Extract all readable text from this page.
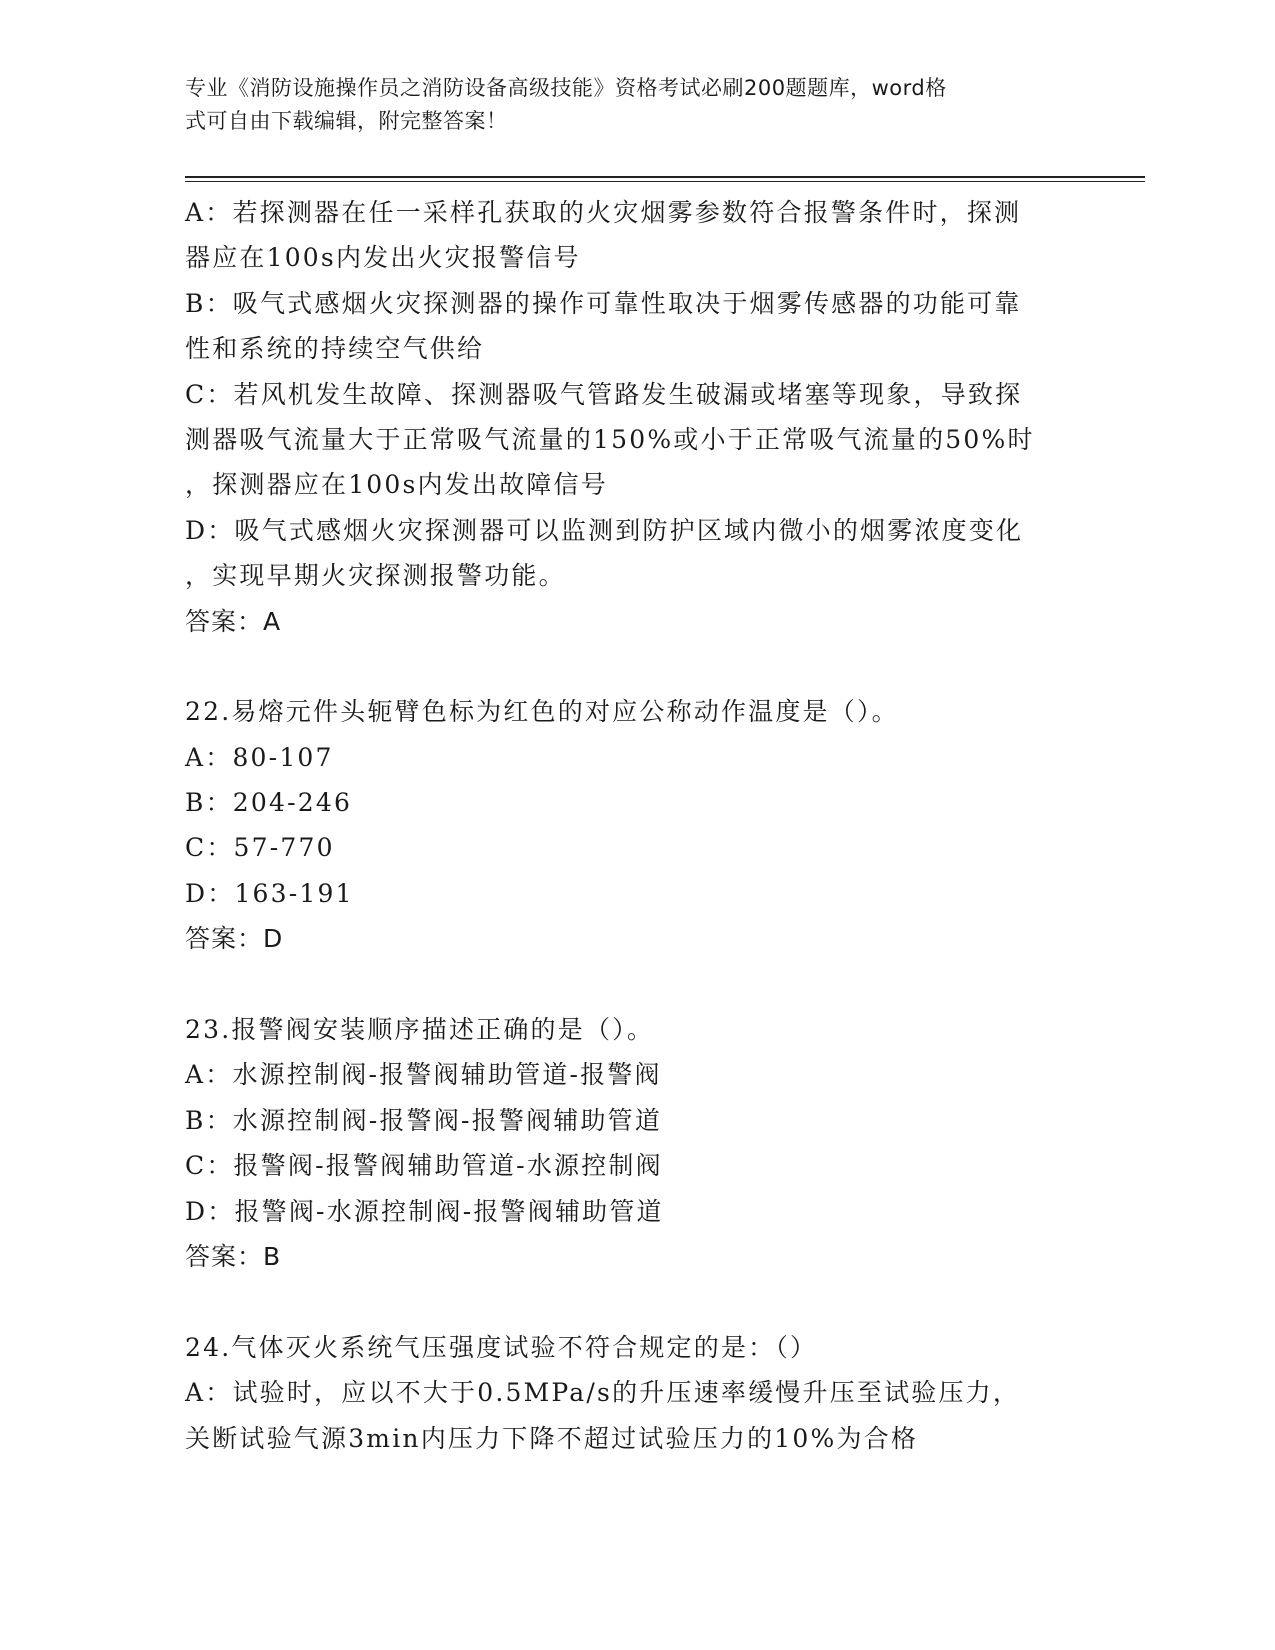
专业《消防设施操作员之消防设备高级技能》资格考试必刷200题题库，word格
式可自由下载编辑，附完整答案！
A：若探测器在任一采样孔获取的火灾烟雾参数符合报警条件时，探测
器应在100s内发出火灾报警信号
B：吸气式感烟火灾探测器的操作可靠性取决于烟雾传感器的功能可靠
性和系统的持续空气供给
C：若风机发生故障、探测器吸气管路发生破漏或堵塞等现象，导致探
测器吸气流量大于正常吸气流量的150%或小于正常吸气流量的50%时
，探测器应在100s内发出故障信号
D：吸气式感烟火灾探测器可以监测到防护区域内微小的烟雾浓度变化
，实现早期火灾探测报警功能。
答案：A
22.易熔元件头轭臂色标为红色的对应公称动作温度是（）。
A：80-107
B：204-246
C：57-770
D：163-191
答案：D
23.报警阀安装顺序描述正确的是（）。
A：水源控制阀-报警阀辅助管道-报警阀
B：水源控制阀-报警阀-报警阀辅助管道
C：报警阀-报警阀辅助管道-水源控制阀
D：报警阀-水源控制阀-报警阀辅助管道
答案：B
24.气体灭火系统气压强度试验不符合规定的是：（）
A：试验时，应以不大于0.5MPa/s的升压速率缓慢升压至试验压力，
关断试验气源3min内压力下降不超过试验压力的10%为合格
